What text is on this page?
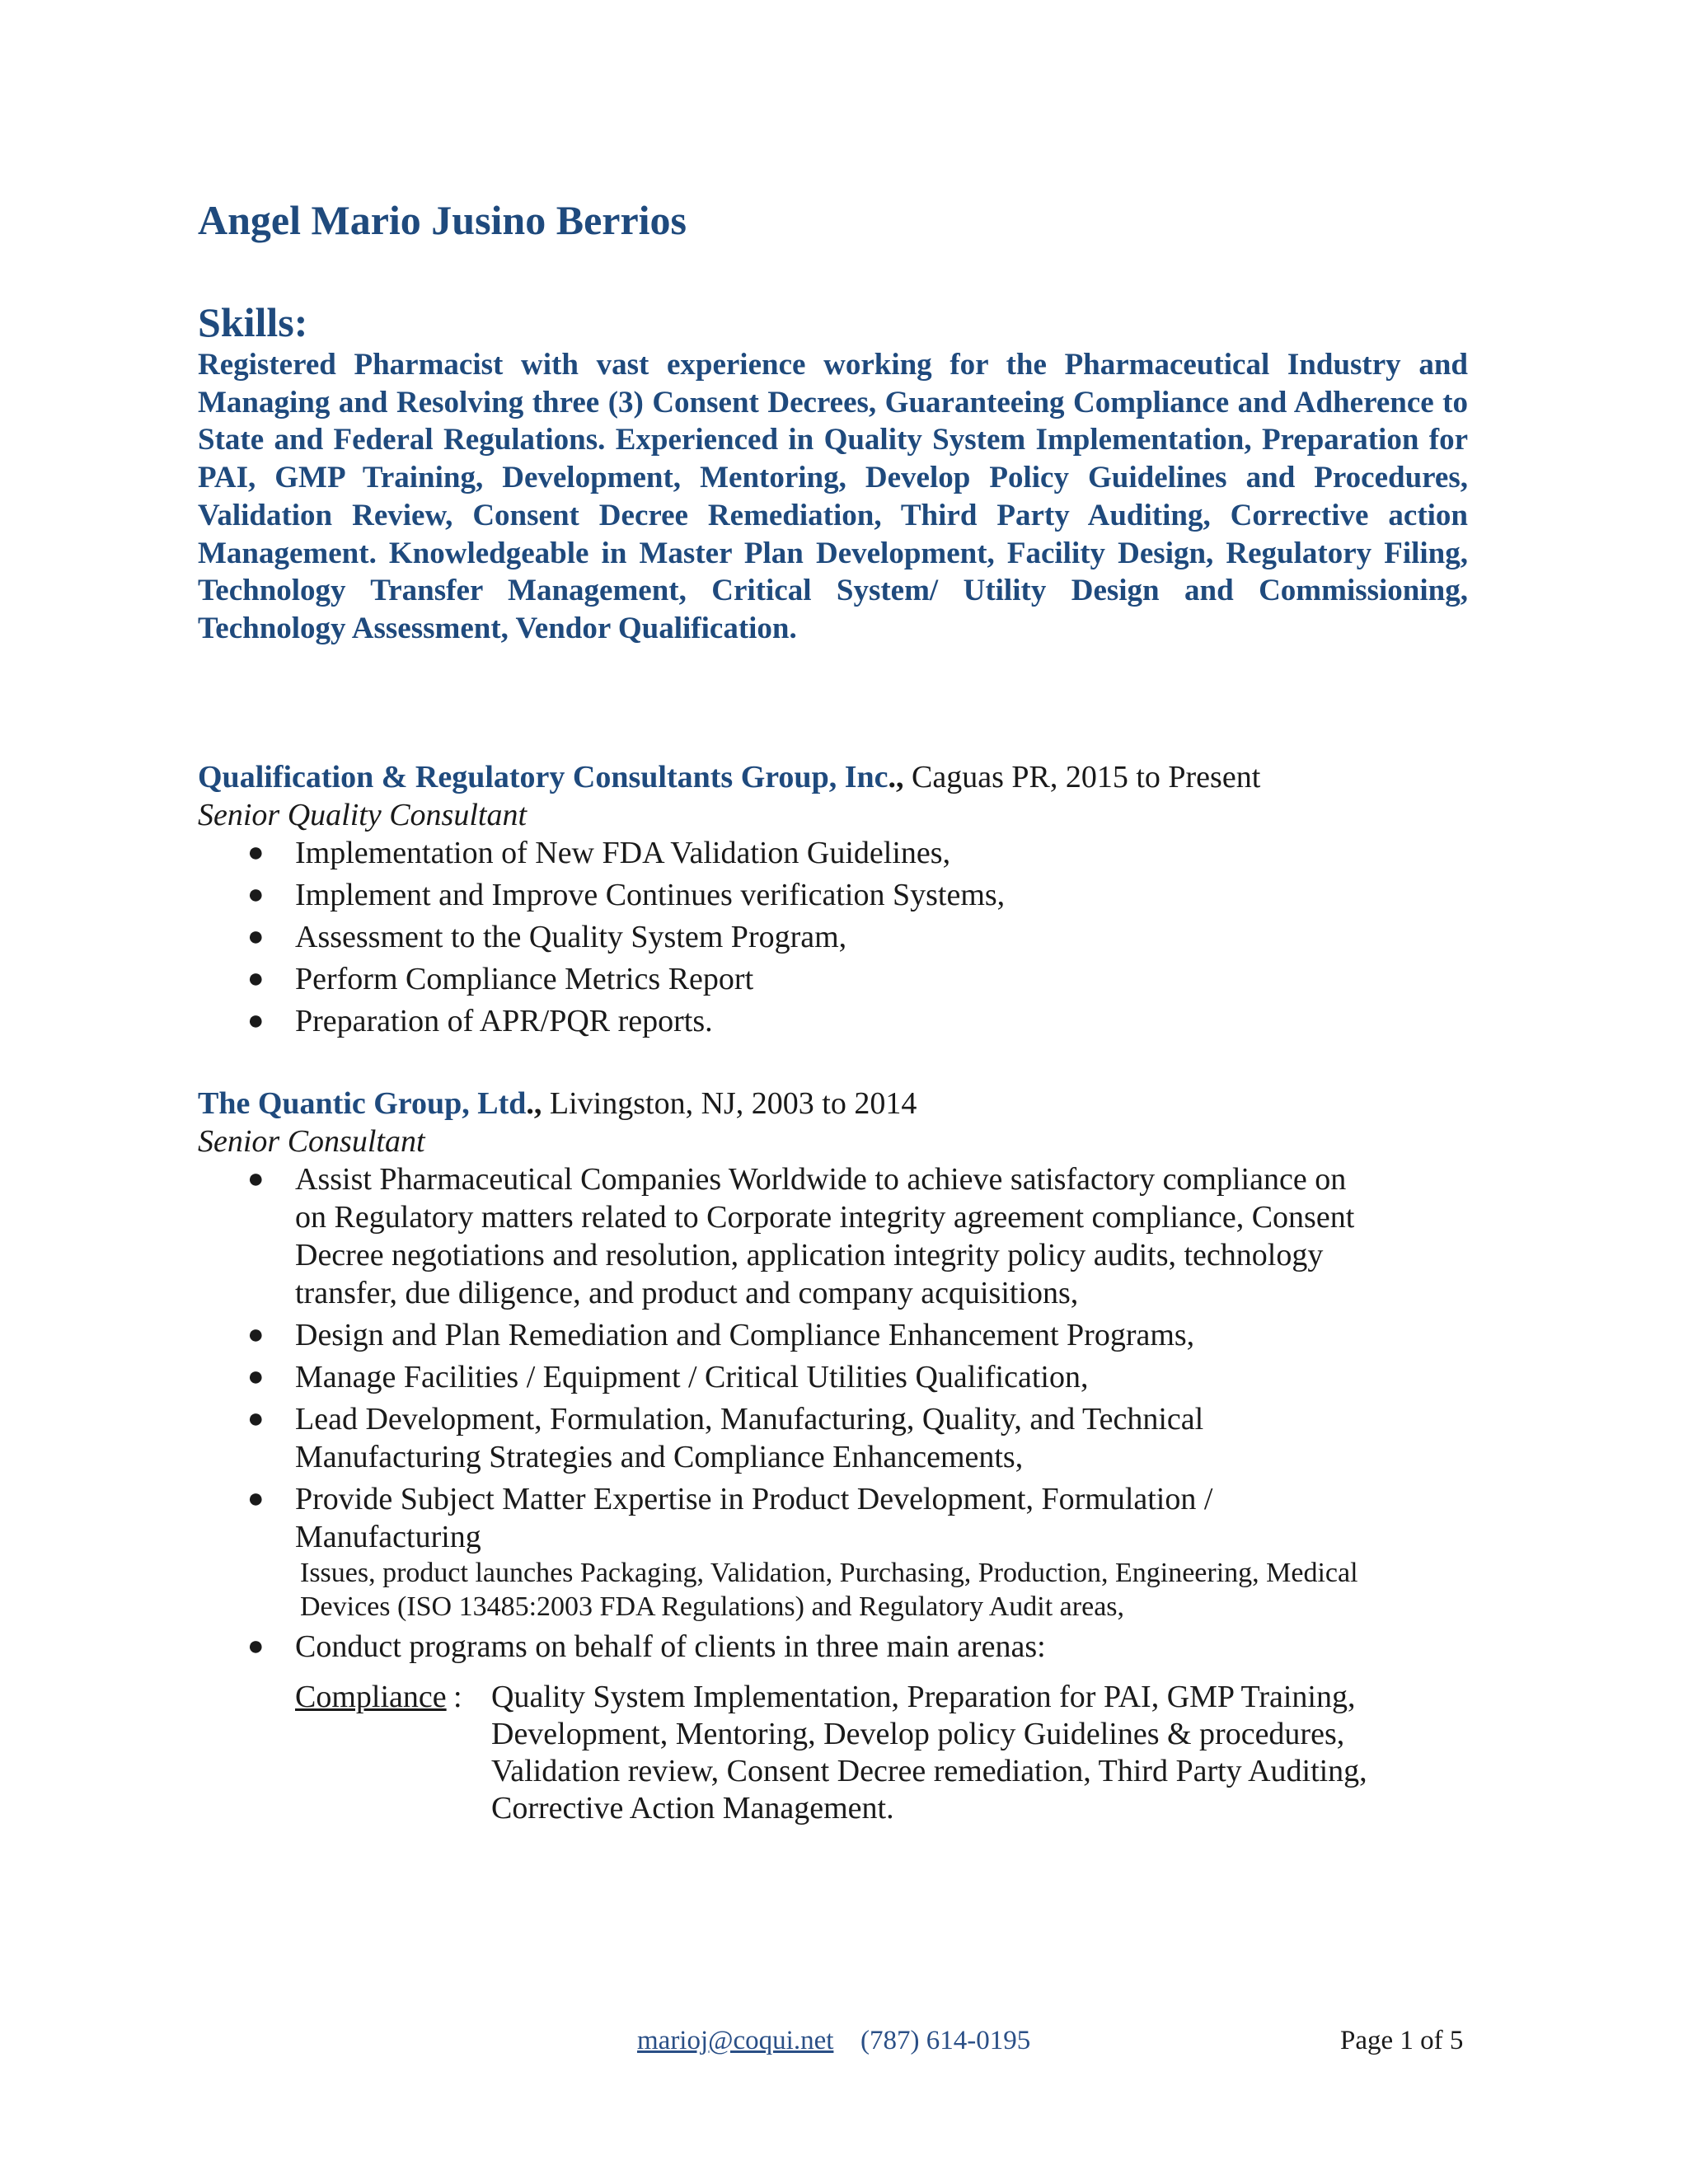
Angel Mario Jusino Berrios
Skills:

Registered Pharmacist with vast experience working for the Pharmaceutical Industry and Managing and Resolving three (3) Consent Decrees, Guaranteeing Compliance and Adherence to State and Federal Regulations. Experienced in Quality System Implementation, Preparation for PAI, GMP Training, Development, Mentoring, Develop Policy Guidelines and Procedures, Validation Review, Consent Decree Remediation, Third Party Auditing, Corrective action Management. Knowledgeable in Master Plan Development, Facility Design, Regulatory Filing, Technology Transfer Management, Critical System/ Utility Design and Commissioning, Technology Assessment, Vendor Qualification.

Qualification & Regulatory Consultants Group, Inc., Caguas PR, 2015 to Present

Senior Quality Consultant

● Implementation of New FDA Validation Guidelines,
● Implement and Improve Continues verification Systems,
● Assessment to the Quality System Program,
● Perform Compliance Metrics Report
● Preparation of APR/PQR reports.

The Quantic Group, Ltd., Livingston, NJ, 2003 to 2014

Senior Consultant

● Assist Pharmaceutical Companies Worldwide to achieve satisfactory compliance on on Regulatory matters related to Corporate integrity agreement compliance, Consent Decree negotiations and resolution, application integrity policy audits, technology transfer, due diligence, and product and company acquisitions,
● Design and Plan Remediation and Compliance Enhancement Programs,
● Manage Facilities / Equipment / Critical Utilities Qualification,
● Lead Development, Formulation, Manufacturing, Quality, and Technical Manufacturing Strategies and Compliance Enhancements,
● Provide Subject Matter Expertise in Product Development, Formulation / Manufacturing
Issues, product launches Packaging, Validation, Purchasing, Production, Engineering, Medical Devices (ISO 13485:2003 FDA Regulations) and Regulatory Audit areas,
● Conduct programs on behalf of clients in three main arenas:
Compliance : Quality System Implementation, Preparation for PAI, GMP Training, Development, Mentoring, Develop policy Guidelines & procedures, Validation review, Consent Decree remediation, Third Party Auditing, Corrective Action Management.
marioj@coqui.net (787) 614-0195	Page 1 of 5
